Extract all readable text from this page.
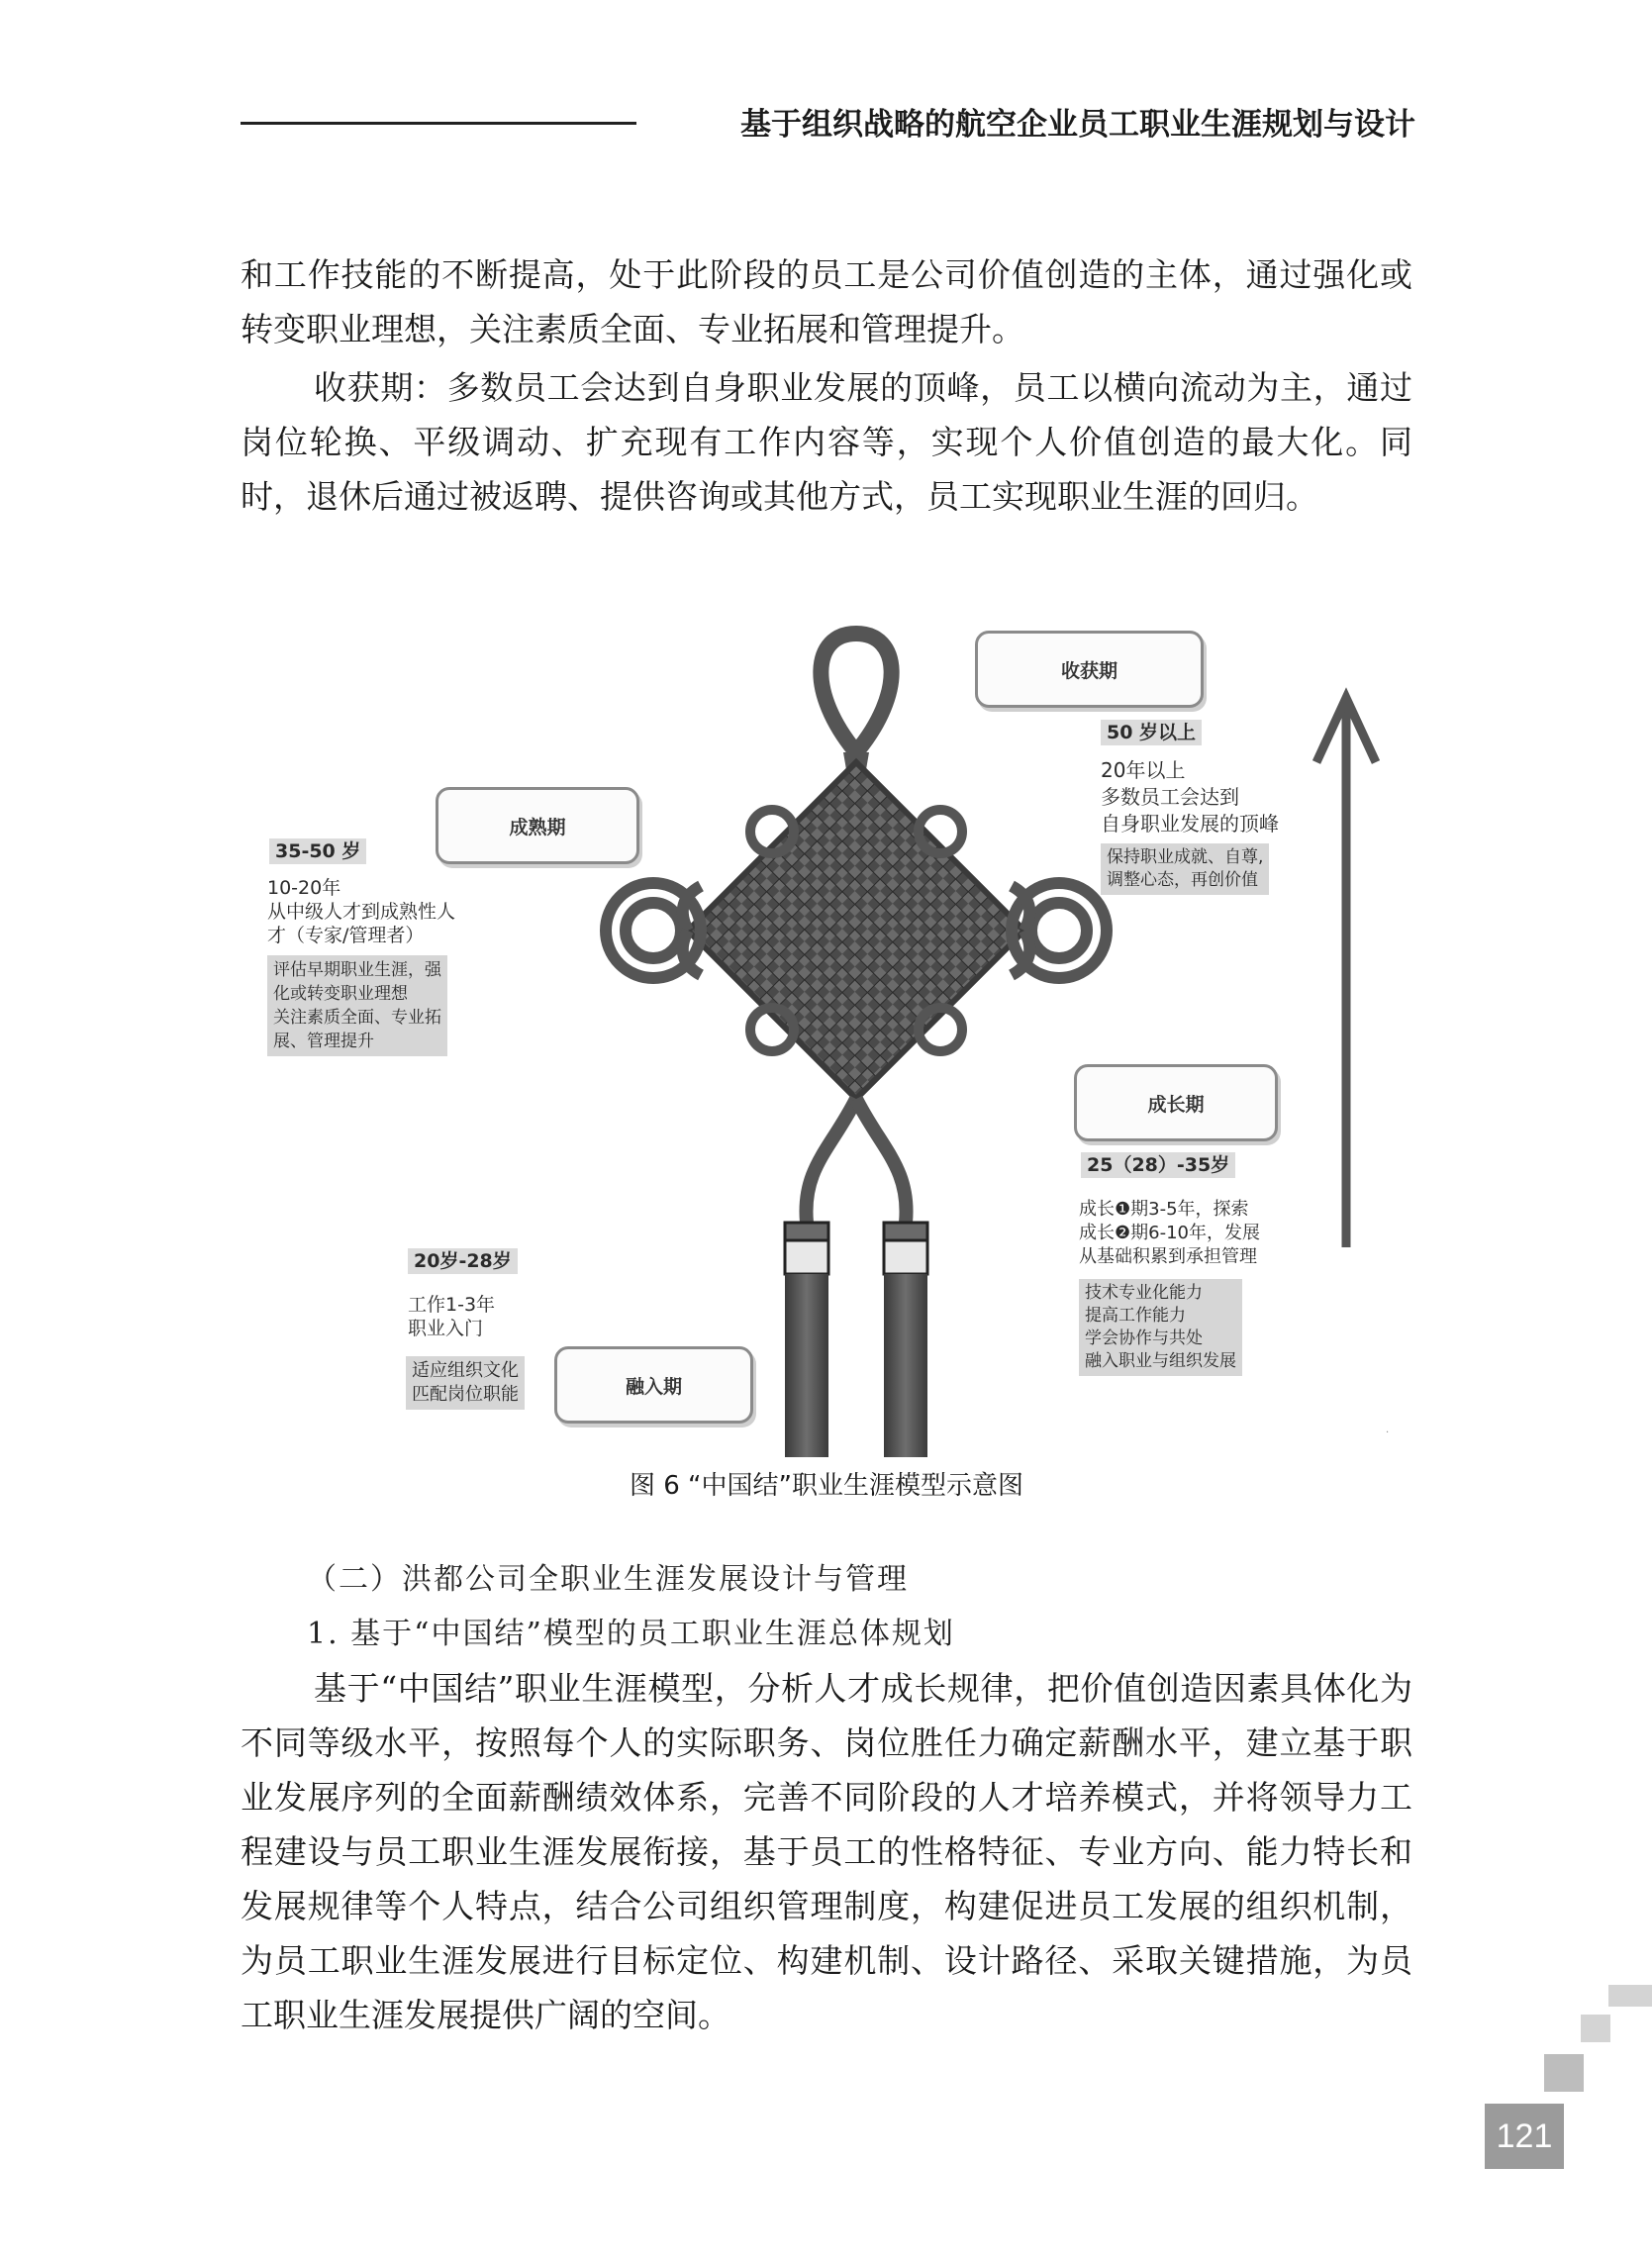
基于组织战略的航空企业员工职业生涯规划与设计

和工作技能的不断提高，处于此阶段的员工是公司价值创造的主体，通过强化或转变职业理想，关注素质全面、专业拓展和管理提升。

收获期：多数员工会达到自身职业发展的顶峰，员工以横向流动为主，通过岗位轮换、平级调动、扩充现有工作内容等，实现个人价值创造的最大化。同时，退休后通过被返聘、提供咨询或其他方式，员工实现职业生涯的回归。

·
收获期
50 岁以上
20年以上
多数员工会达到
自身职业发展的顶峰
保持职业成就、自尊,
调整心态，再创价值
成熟期
35-50 岁
10-20年
从中级人才到成熟性人
才（专家/管理者）
评估早期职业生涯，强
化或转变职业理想
关注素质全面、专业拓
展、管理提升
成长期
25（28）-35岁
成长❶期3-5年，探索
成长❷期6-10年，发展
从基础积累到承担管理
技术专业化能力
提高工作能力
学会协作与共处
融入职业与组织发展
20岁-28岁
工作1-3年
职业入门
适应组织文化
匹配岗位职能	融入期
图 6 “中国结”职业生涯模型示意图
（二）洪都公司全职业生涯发展设计与管理
1. 基于“中国结”模型的员工职业生涯总体规划

基于“中国结”职业生涯模型，分析人才成长规律，把价值创造因素具体化为不同等级水平，按照每个人的实际职务、岗位胜任力确定薪酬水平，建立基于职业发展序列的全面薪酬绩效体系，完善不同阶段的人才培养模式，并将领导力工程建设与员工职业生涯发展衔接，基于员工的性格特征、专业方向、能力特长和发展规律等个人特点，结合公司组织管理制度，构建促进员工发展的组织机制，为员工职业生涯发展进行目标定位、构建机制、设计路径、采取关键措施，为员工职业生涯发展提供广阔的空间。

121
